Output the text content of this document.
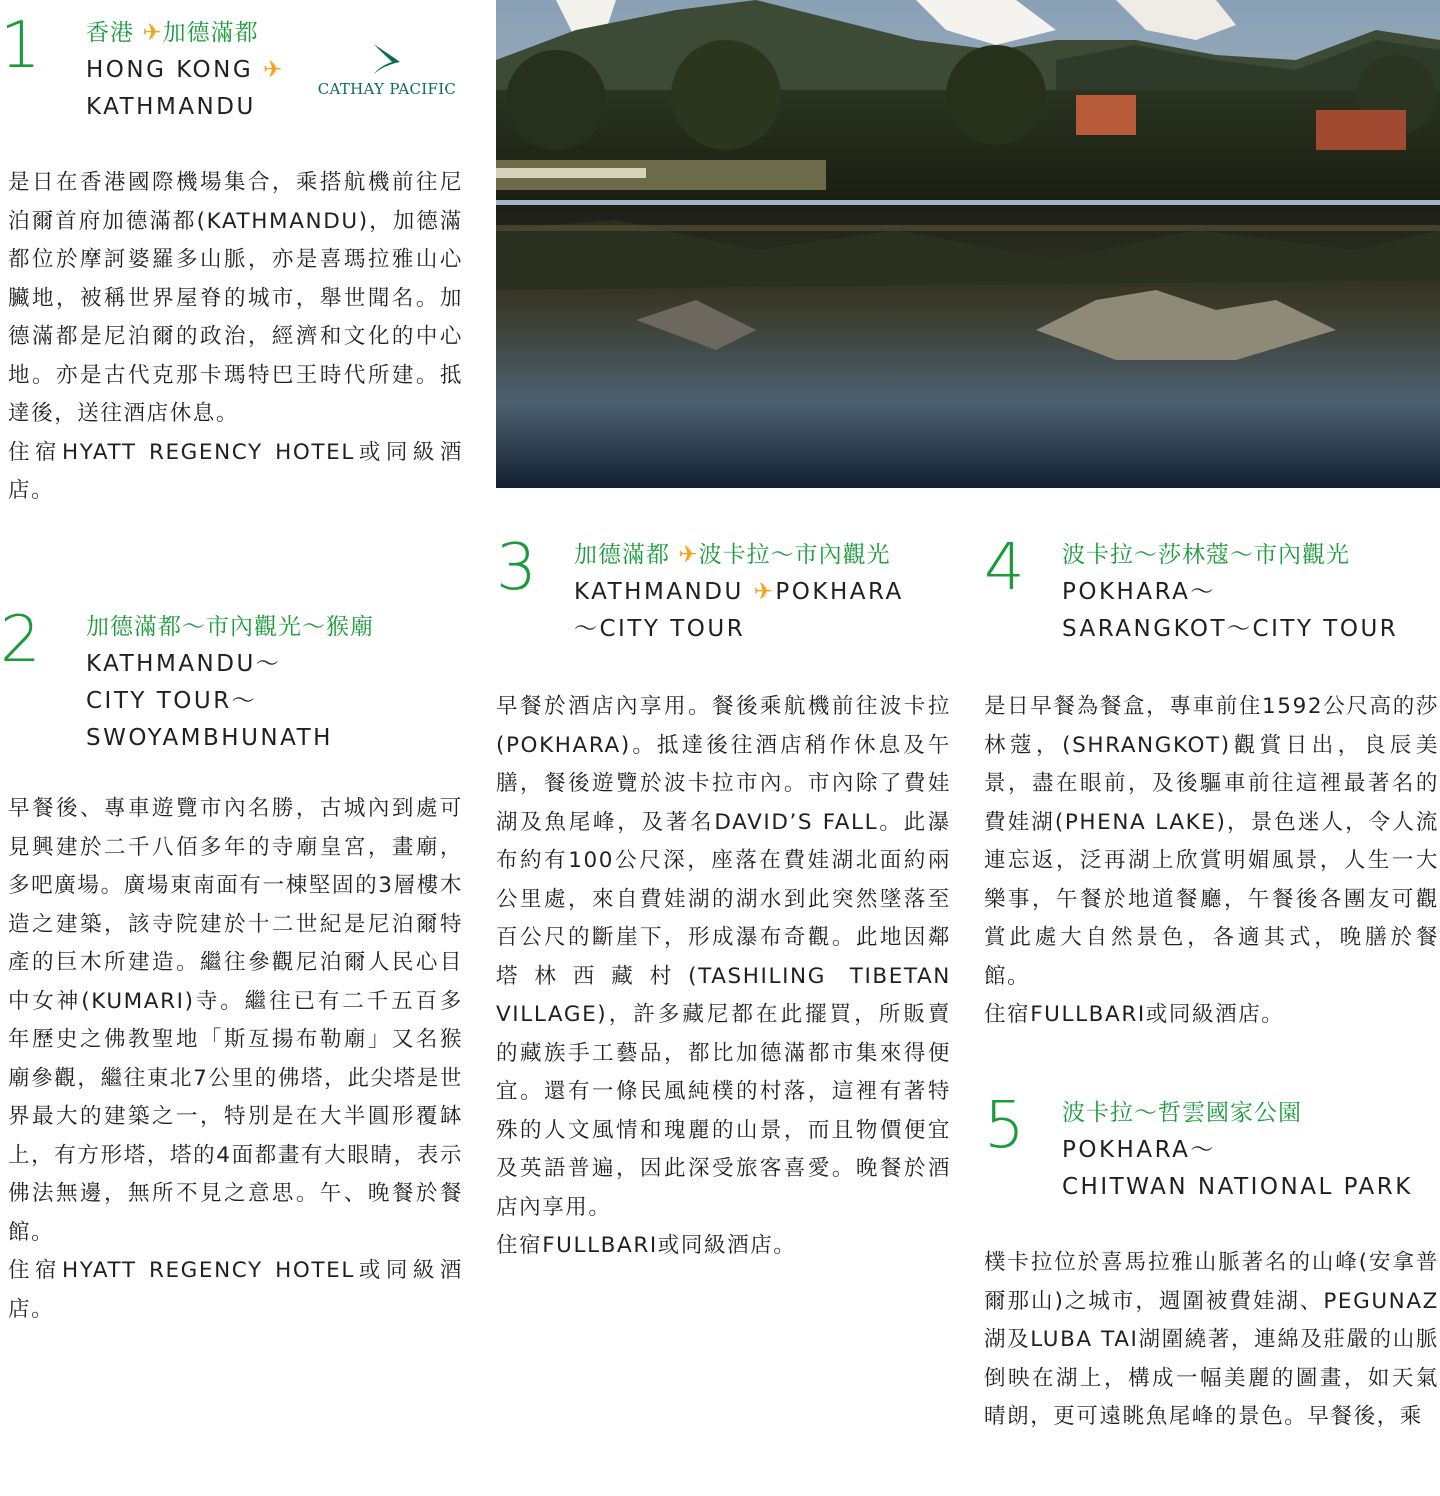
1 香港 ✈加德滿都
HONG KONG ✈
KATHMANDU
CATHAY PACIFIC

是日在香港國際機場集合，乘搭航機前往尼泊爾首府加德滿都(KATHMANDU)，加德滿都位於摩訶婆羅多山脈，亦是喜瑪拉雅山心臟地，被稱世界屋脊的城市，舉世聞名。加德滿都是尼泊爾的政治，經濟和文化的中心地。亦是古代克那卡瑪特巴王時代所建。抵達後，送往酒店休息。

住宿HYATT REGENCY HOTEL或同級酒店。

2 加德滿都～市內觀光～猴廟
KATHMANDU～
CITY TOUR～
SWOYAMBHUNATH

早餐後、專車遊覽市內名勝，古城內到處可見興建於二千八佰多年的寺廟皇宮，畫廟，多吧廣場。廣場東南面有一棟堅固的3層樓木造之建築，該寺院建於十二世紀是尼泊爾特產的巨木所建造。繼往參觀尼泊爾人民心目中女神(KUMARI)寺。繼往已有二千五百多年歷史之佛教聖地「斯亙揚布勒廟」又名猴廟參觀，繼往東北7公里的佛塔，此尖塔是世界最大的建築之一，特別是在大半圓形覆缽上，有方形塔，塔的4面都畫有大眼睛，表示佛法無邊，無所不見之意思。午、晚餐於餐館。

住宿HYATT REGENCY HOTEL或同級酒店。

3 加德滿都 ✈波卡拉～市內觀光
KATHMANDU ✈POKHARA
～CITY TOUR

早餐於酒店內享用。餐後乘航機前往波卡拉(POKHARA)。抵達後往酒店稍作休息及午膳，餐後遊覽於波卡拉市內。市內除了費娃湖及魚尾峰，及著名DAVID’S FALL。此瀑布約有100公尺深，座落在費娃湖北面約兩公里處，來自費娃湖的湖水到此突然墜落至百公尺的斷崖下，形成瀑布奇觀。此地因鄰塔林西藏村(TASHILING TIBETAN VILLAGE)，許多藏尼都在此擺買，所販賣的藏族手工藝品，都比加德滿都市集來得便宜。還有一條民風純樸的村落，這裡有著特殊的人文風情和瑰麗的山景，而且物價便宜及英語普遍，因此深受旅客喜愛。晚餐於酒店內享用。

住宿FULLBARI或同級酒店。

4 波卡拉～莎林蔻～市內觀光
POKHARA～
SARANGKOT～CITY TOUR

是日早餐為餐盒，專車前住1592公尺高的莎林蔻，(SHRANGKOT)觀賞日出，良辰美景，盡在眼前，及後驅車前往這裡最著名的費娃湖(PHENA LAKE)，景色迷人，令人流連忘返，泛再湖上欣賞明媚風景，人生一大樂事，午餐於地道餐廳，午餐後各團友可觀賞此處大自然景色，各適其式，晚膳於餐館。

住宿FULLBARI或同級酒店。

5 波卡拉～哲雲國家公園
POKHARA～
CHITWAN NATIONAL PARK

樸卡拉位於喜馬拉雅山脈著名的山峰(安拿普爾那山)之城市，週圍被費娃湖、PEGUNAZ湖及LUBA TAI湖圍繞著，連綿及莊嚴的山脈倒映在湖上，構成一幅美麗的圖畫，如天氣晴朗，更可遠眺魚尾峰的景色。早餐後，乘
